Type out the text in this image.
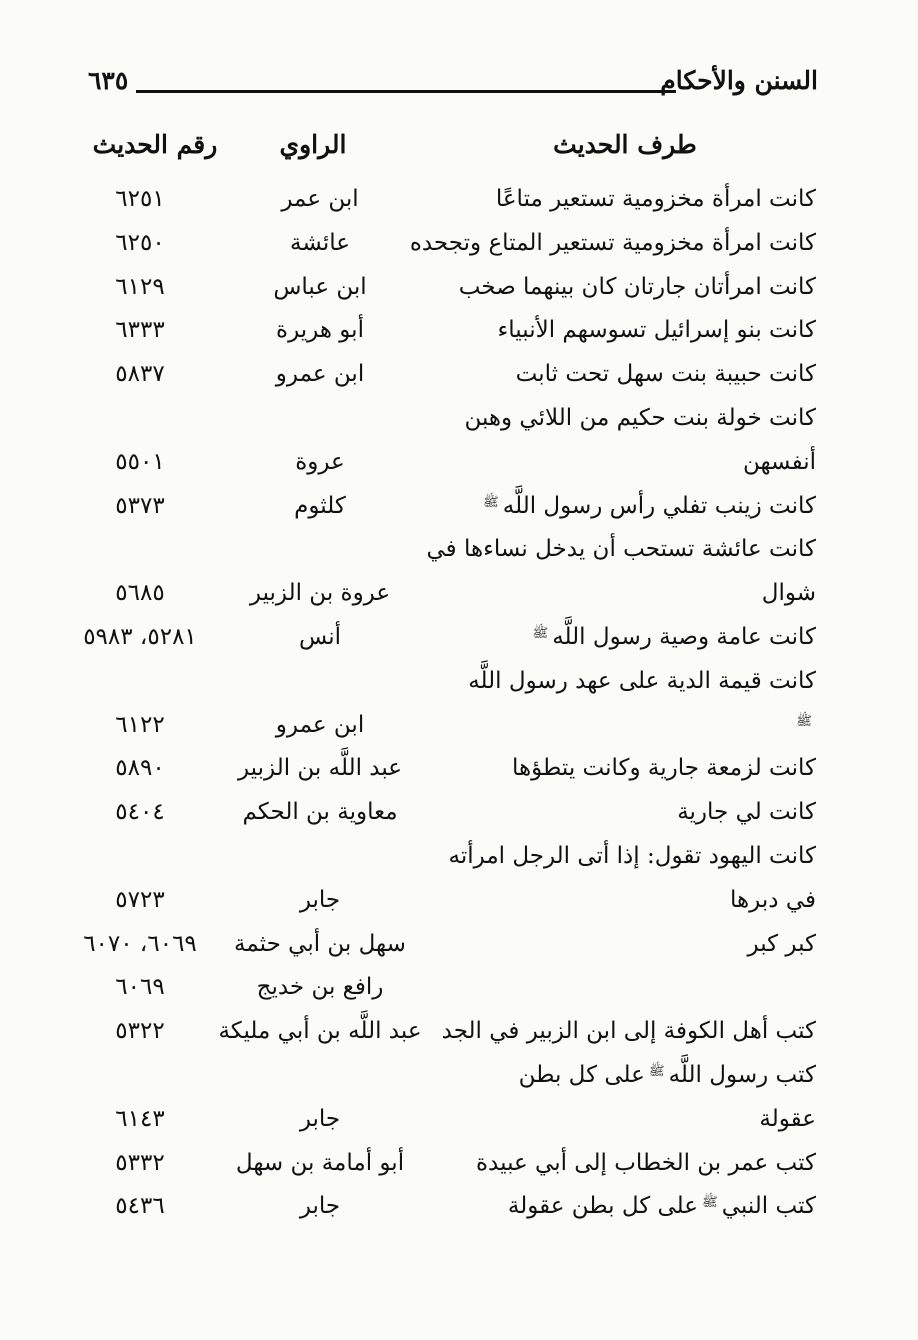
السنن والأحكام
٦٣٥
طرف الحديث
الراوي
رقم الحديث
كانت امرأة مخزومية تستعير متاعًا
ابن عمر
٦٢٥١
كانت امرأة مخزومية تستعير المتاع وتجحده
عائشة
٦٢٥٠
كانت امرأتان جارتان كان بينهما صخب
ابن عباس
٦١٢٩
كانت بنو إسرائيل تسوسهم الأنبياء
أبو هريرة
٦٣٣٣
كانت حبيبة بنت سهل تحت ثابت
ابن عمرو
٥٨٣٧
كانت خولة بنت حكيم من اللائي وهبن
أنفسهن
عروة
٥٥٠١
كانت زينب تفلي رأس رسول اللَّهﷺ
كلثوم
٥٣٧٣
كانت عائشة تستحب أن يدخل نساءها في
شوال
عروة بن الزبير
٥٦٨٥
كانت عامة وصية رسول اللَّهﷺ
أنس
٥٢٨١، ٥٩٨٣
كانت قيمة الدية على عهد رسول اللَّه
ﷺ
ابن عمرو
٦١٢٢
كانت لزمعة جارية وكانت يتطؤها
عبد اللَّه بن الزبير
٥٨٩٠
كانت لي جارية
معاوية بن الحكم
٥٤٠٤
كانت اليهود تقول: إذا أتى الرجل امرأته
في دبرها
جابر
٥٧٢٣
كبر كبر
سهل بن أبي حثمة
٦٠٦٩، ٦٠٧٠
رافع بن خديج
٦٠٦٩
كتب أهل الكوفة إلى ابن الزبير في الجد
عبد اللَّه بن أبي مليكة
٥٣٢٢
كتب رسول اللَّهﷺعلى كل بطن
عقولة
جابر
٦١٤٣
كتب عمر بن الخطاب إلى أبي عبيدة
أبو أمامة بن سهل
٥٣٣٢
كتب النبيﷺعلى كل بطن عقولة
جابر
٥٤٣٦
